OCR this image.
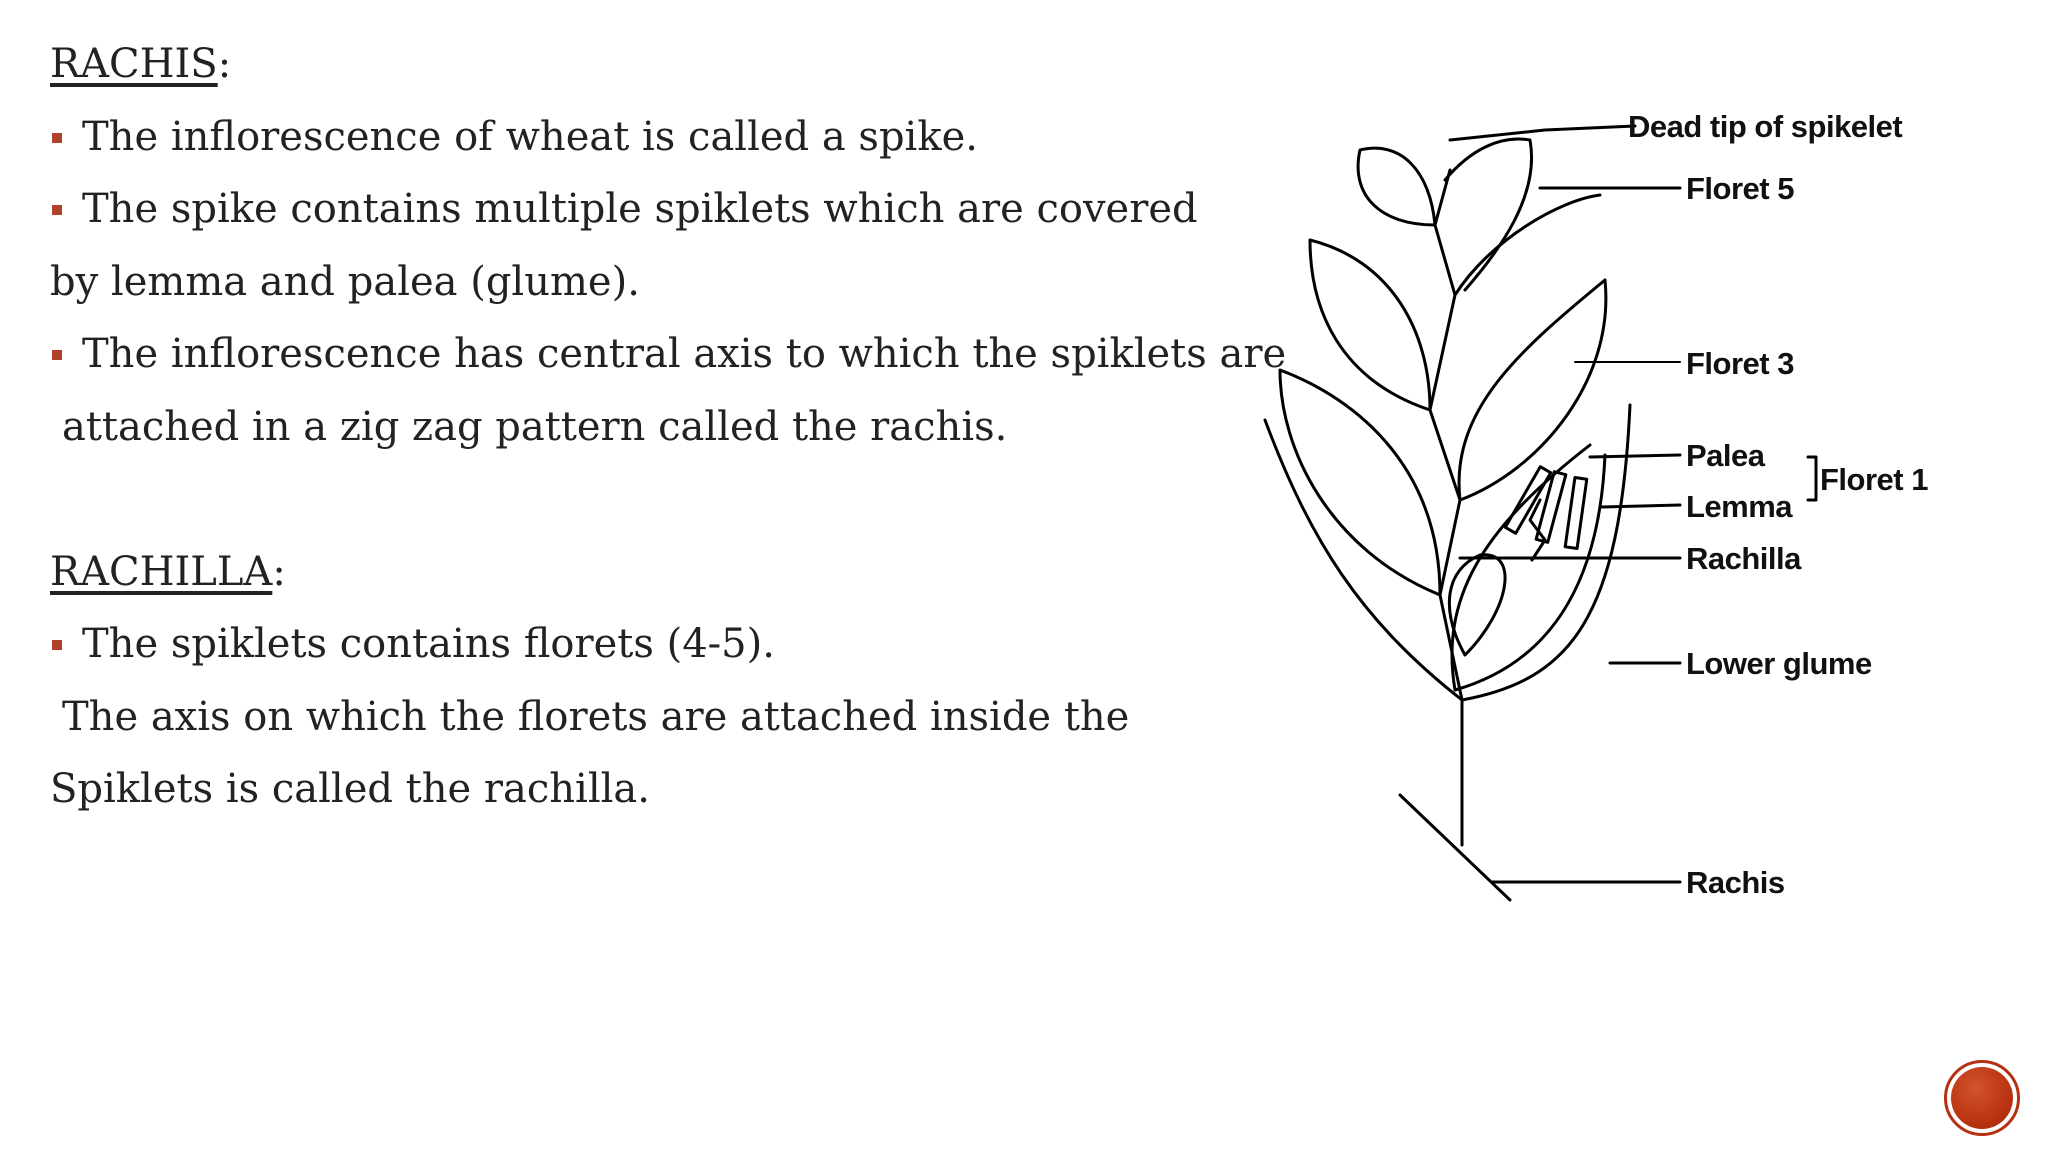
RACHIS:
The inflorescence of wheat is called a spike.
The spike contains multiple spiklets which are covered
by lemma and palea (glume).
The inflorescence has central axis to which the spiklets are
attached in a zig zag pattern called the rachis.
RACHILLA:
The spiklets contains florets (4-5).
The axis on which the florets are attached inside the
Spiklets is called the rachilla.
Dead tip of spikelet
Floret 5
Floret 3
Palea
Lemma
Floret 1
Rachilla
Lower glume
Rachis
